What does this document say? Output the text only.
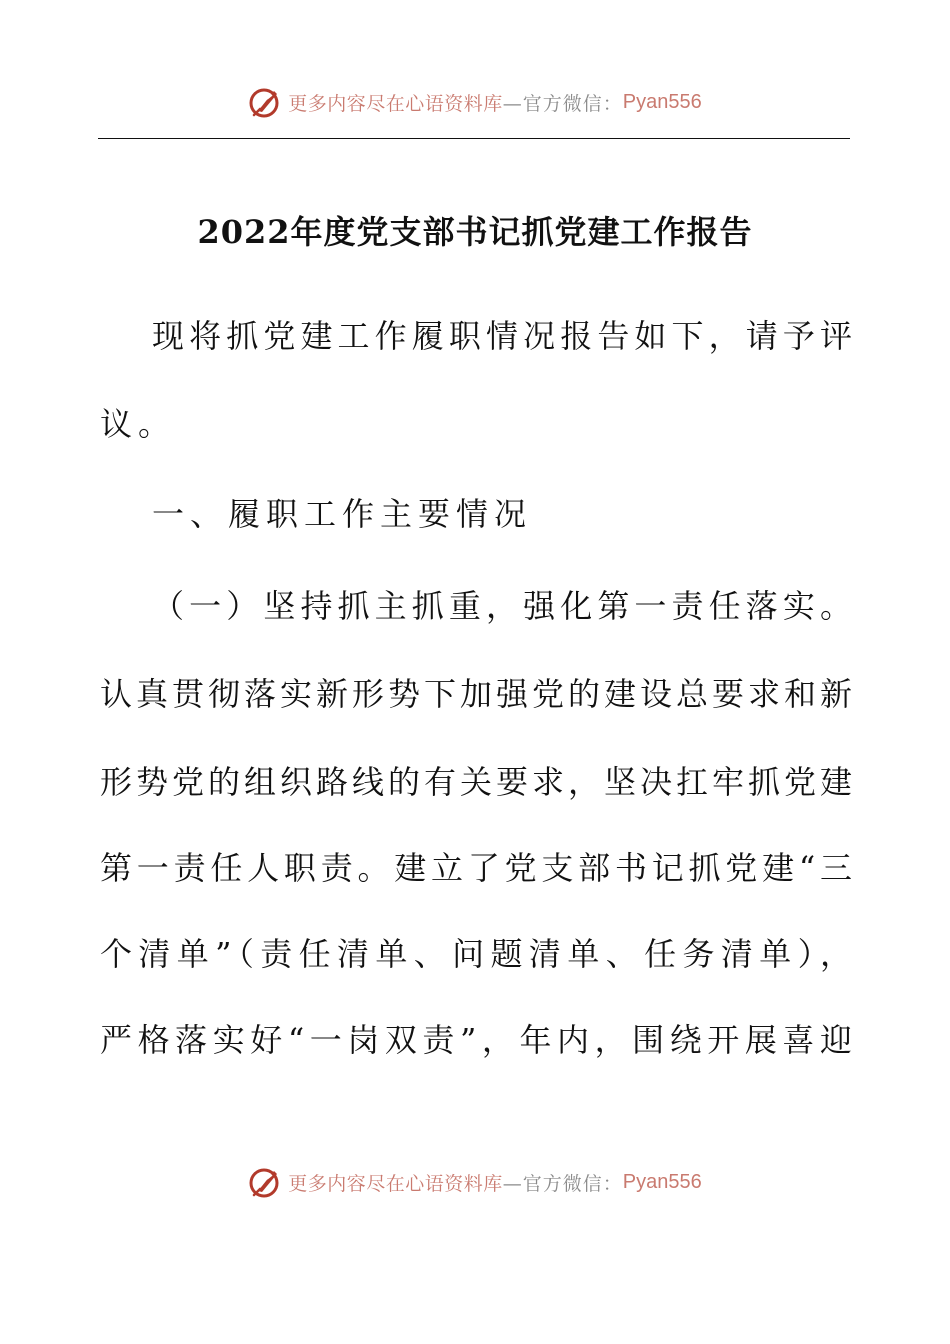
更多内容尽在心语资料库 —官方微信： Pyan556
2022年度党支部书记抓党建工作报告
现将抓党建工作履职情况报告如下，请予评
议。
一、履职工作主要情况
（一）坚持抓主抓重，强化第一责任落实。
认真贯彻落实新形势下加强党的建设总要求和新
形势党的组织路线的有关要求，坚决扛牢抓党建
第一责任人职责。建立了党支部书记抓党建“三
个清单”（责任清单、问题清单、任务清单），
严格落实好“一岗双责”，年内，围绕开展喜迎
更多内容尽在心语资料库 —官方微信： Pyan556
